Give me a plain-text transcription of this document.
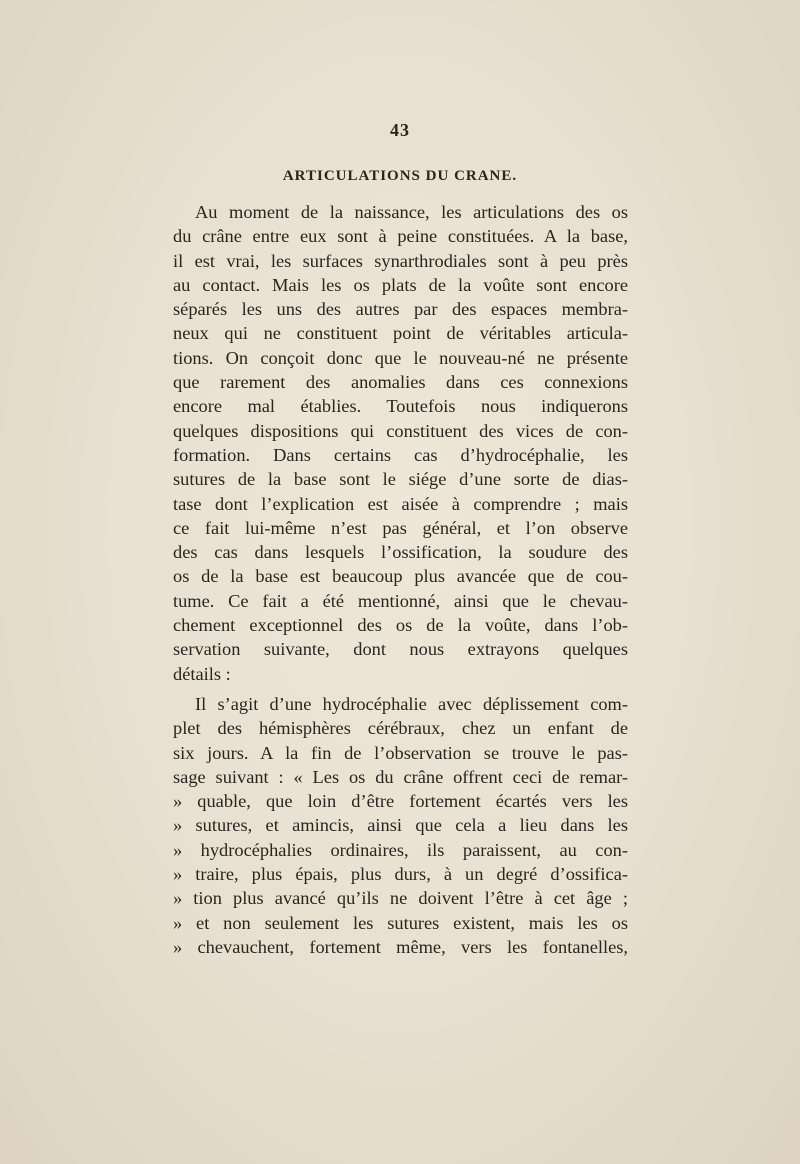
43
ARTICULATIONS DU CRANE.
Au moment de la naissance, les articulations des os
du crâne entre eux sont à peine constituées. A la base,
il est vrai, les surfaces synarthrodiales sont à peu près
au contact. Mais les os plats de la voûte sont encore
séparés les uns des autres par des espaces membra-
neux qui ne constituent point de véritables articula-
tions. On conçoit donc que le nouveau-né ne présente
que rarement des anomalies dans ces connexions
encore mal établies. Toutefois nous indiquerons
quelques dispositions qui constituent des vices de con-
formation. Dans certains cas d’hydrocéphalie, les
sutures de la base sont le siége d’une sorte de dias-
tase dont l’explication est aisée à comprendre ; mais
ce fait lui-même n’est pas général, et l’on observe
des cas dans lesquels l’ossification, la soudure des
os de la base est beaucoup plus avancée que de cou-
tume. Ce fait a été mentionné, ainsi que le chevau-
chement exceptionnel des os de la voûte, dans l’ob-
servation suivante, dont nous extrayons quelques
détails :
Il s’agit d’une hydrocéphalie avec déplissement com-
plet des hémisphères cérébraux, chez un enfant de
six jours. A la fin de l’observation se trouve le pas-
sage suivant : « Les os du crâne offrent ceci de remar-
» quable, que loin d’être fortement écartés vers les
» sutures, et amincis, ainsi que cela a lieu dans les
» hydrocéphalies ordinaires, ils paraissent, au con-
» traire, plus épais, plus durs, à un degré d’ossifica-
» tion plus avancé qu’ils ne doivent l’être à cet âge ;
» et non seulement les sutures existent, mais les os
» chevauchent, fortement même, vers les fontanelles,
